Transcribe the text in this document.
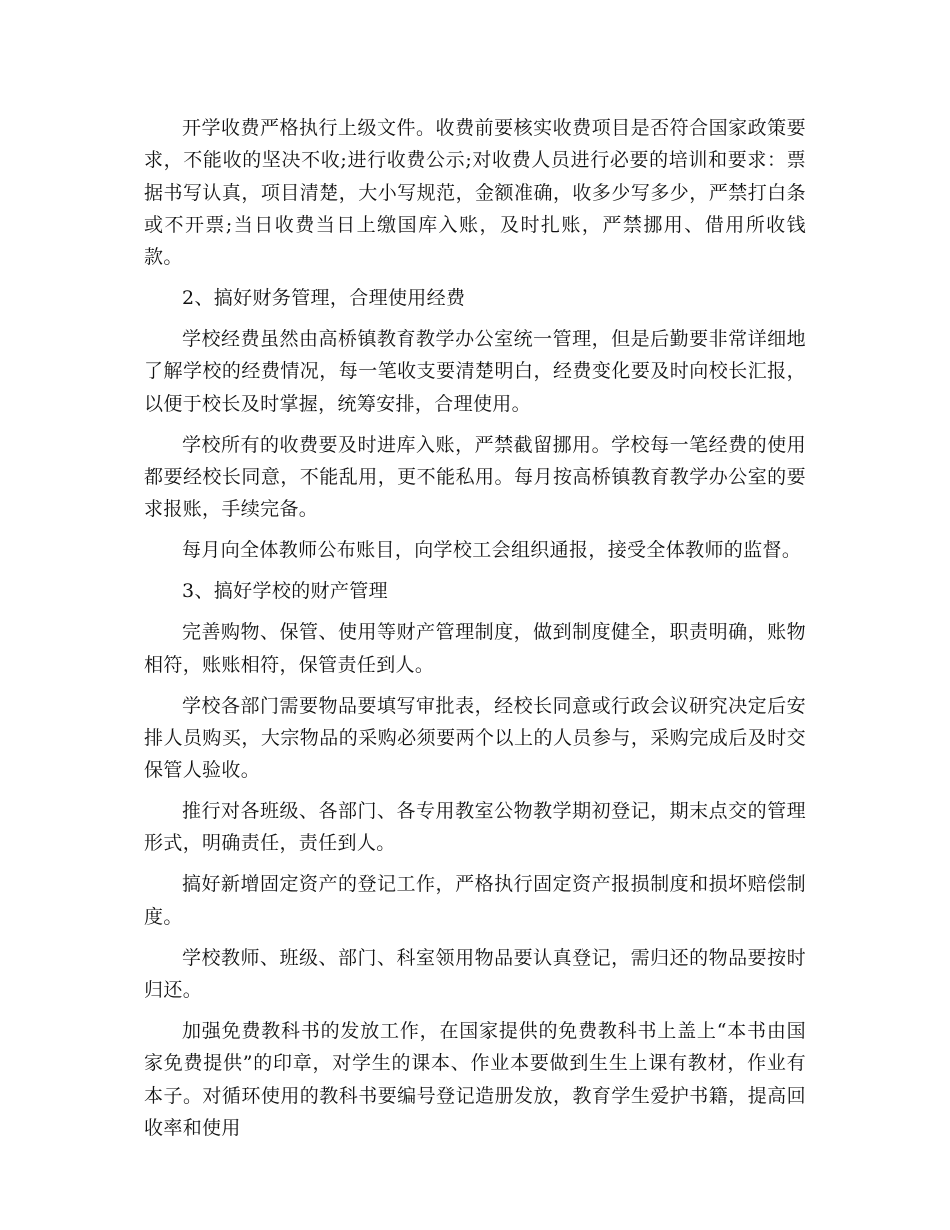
开学收费严格执行上级文件。收费前要核实收费项目是否符合国家政策要求，不能收的坚决不收;进行收费公示;对收费人员进行必要的培训和要求：票据书写认真，项目清楚，大小写规范，金额准确，收多少写多少，严禁打白条或不开票;当日收费当日上缴国库入账，及时扎账，严禁挪用、借用所收钱款。

2、搞好财务管理，合理使用经费

学校经费虽然由高桥镇教育教学办公室统一管理，但是后勤要非常详细地了解学校的经费情况，每一笔收支要清楚明白，经费变化要及时向校长汇报，以便于校长及时掌握，统筹安排，合理使用。

学校所有的收费要及时进库入账，严禁截留挪用。学校每一笔经费的使用都要经校长同意，不能乱用，更不能私用。每月按高桥镇教育教学办公室的要求报账，手续完备。

每月向全体教师公布账目，向学校工会组织通报，接受全体教师的监督。

3、搞好学校的财产管理

完善购物、保管、使用等财产管理制度，做到制度健全，职责明确，账物相符，账账相符，保管责任到人。

学校各部门需要物品要填写审批表，经校长同意或行政会议研究决定后安排人员购买，大宗物品的采购必须要两个以上的人员参与，采购完成后及时交保管人验收。

推行对各班级、各部门、各专用教室公物教学期初登记，期末点交的管理形式，明确责任，责任到人。

搞好新增固定资产的登记工作，严格执行固定资产报损制度和损坏赔偿制度。

学校教师、班级、部门、科室领用物品要认真登记，需归还的物品要按时归还。

加强免费教科书的发放工作，在国家提供的免费教科书上盖上“本书由国家免费提供”的印章，对学生的课本、作业本要做到生生上课有教材，作业有本子。对循环使用的教科书要编号登记造册发放，教育学生爱护书籍，提高回收率和使用
